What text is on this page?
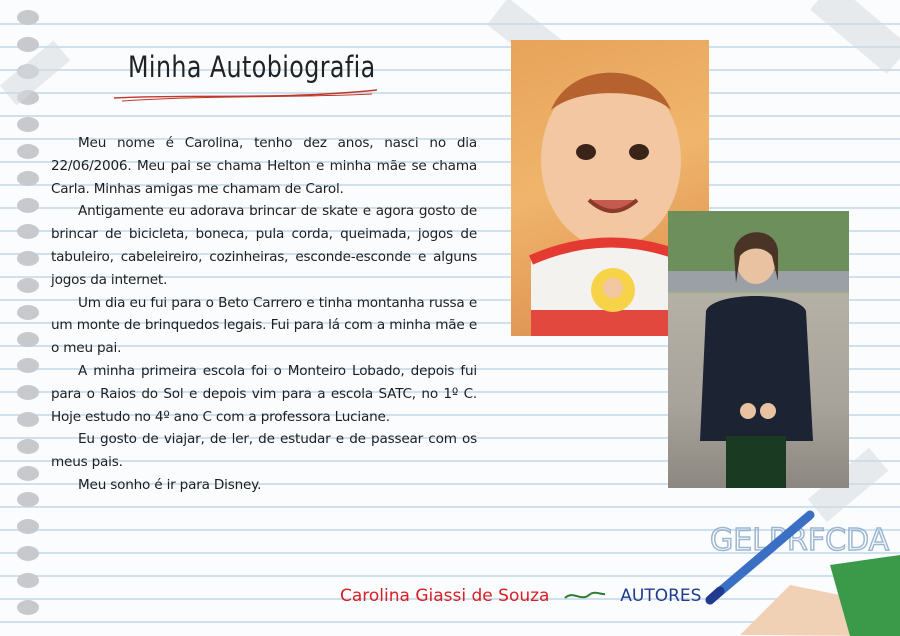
Minha Autobiografia

Meu nome é Carolina, tenho dez anos, nasci no dia 22/06/2006. Meu pai se chama Helton e minha mãe se chama Carla. Minhas amigas me chamam de Carol.

Antigamente eu adorava brincar de skate e agora gosto de brincar de bicicleta, boneca, pula corda, queimada, jogos de tabuleiro, cabeleireiro, cozinheiras, esconde-esconde e alguns jogos da internet.

Um dia eu fui para o Beto Carrero e tinha montanha russa e um monte de brinquedos legais. Fui para lá com a minha mãe e o meu pai.

A minha primeira escola foi o Monteiro Lobado, depois fui para o Raios do Sol e depois vim para a escola SATC, no 1º C. Hoje estudo no 4º ano C com a professora Luciane.

Eu gosto de viajar, de ler, de estudar e de passear com os meus pais.

Meu sonho é ir para Disney.

GELPRFCDA
Carolina Giassi de Souza	AUTORES
